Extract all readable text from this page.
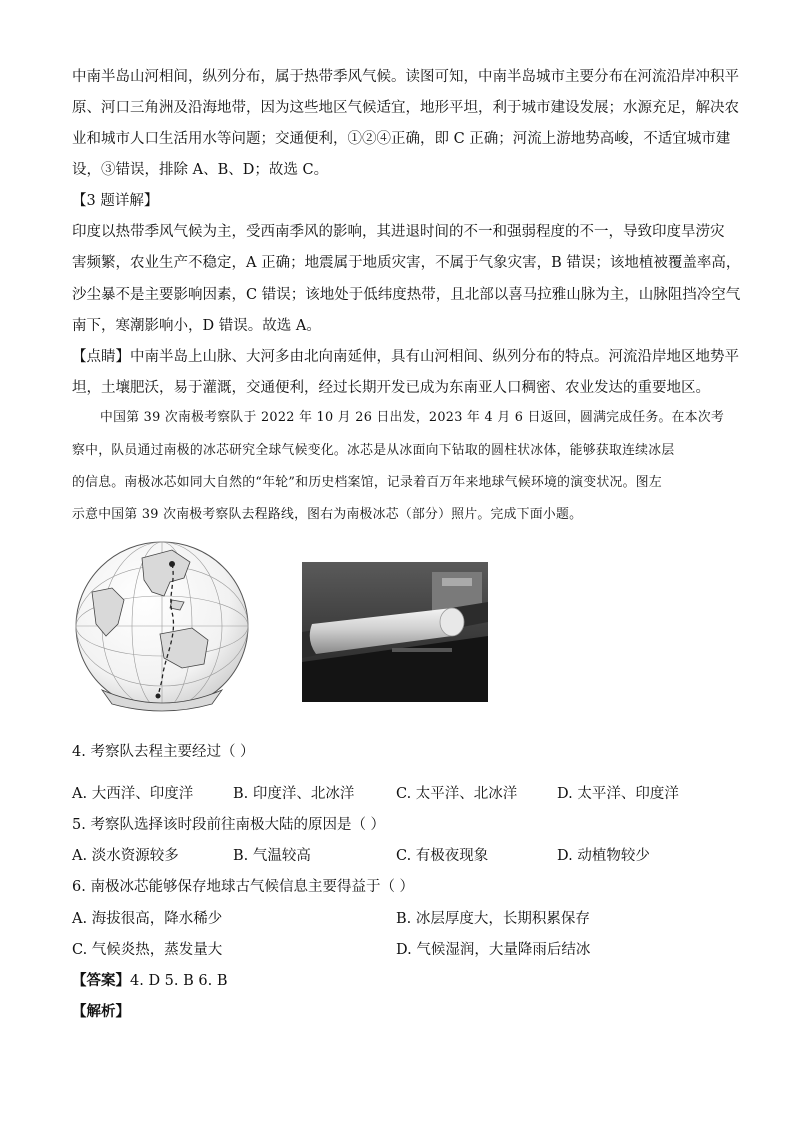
中南半岛山河相间，纵列分布，属于热带季风气候。读图可知，中南半岛城市主要分布在河流沿岸冲积平
原、河口三角洲及沿海地带，因为这些地区气候适宜，地形平坦，利于城市建设发展；水源充足，解决农
业和城市人口生活用水等问题；交通便利，①②④正确，即 C 正确；河流上游地势高峻，不适宜城市建
设，③错误，排除 A、B、D；故选 C。
【3 题详解】
印度以热带季风气候为主，受西南季风的影响，其进退时间的不一和强弱程度的不一，导致印度旱涝灾
害频繁，农业生产不稳定，A 正确；地震属于地质灾害，不属于气象灾害，B 错误；该地植被覆盖率高，
沙尘暴不是主要影响因素，C 错误；该地处于低纬度热带，且北部以喜马拉雅山脉为主，山脉阻挡冷空气
南下，寒潮影响小，D 错误。故选 A。
【点睛】中南半岛上山脉、大河多由北向南延伸，具有山河相间、纵列分布的特点。河流沿岸地区地势平
坦，土壤肥沃，易于灌溉，交通便利，经过长期开发已成为东南亚人口稠密、农业发达的重要地区。
中国第 39 次南极考察队于 2022 年 10 月 26 日出发，2023 年 4 月 6 日返回，圆满完成任务。在本次考
察中，队员通过南极的冰芯研究全球气候变化。冰芯是从冰面向下钻取的圆柱状冰体，能够获取连续冰层
的信息。南极冰芯如同大自然的“年轮”和历史档案馆，记录着百万年来地球气候环境的演变状况。图左
示意中国第 39 次南极考察队去程路线，图右为南极冰芯（部分）照片。完成下面小题。
4. 考察队去程主要经过（ ）
A. 大西洋、印度洋	B. 印度洋、北冰洋	C. 太平洋、北冰洋	D. 太平洋、印度洋
5. 考察队选择该时段前往南极大陆的原因是（ ）
A. 淡水资源较多	B. 气温较高	C. 有极夜现象	D. 动植物较少
6. 南极冰芯能够保存地球古气候信息主要得益于（ ）
A. 海拔很高，降水稀少	B. 冰层厚度大，长期积累保存
C. 气候炎热，蒸发量大	D. 气候湿润，大量降雨后结冰
【答案】4. D 5. B 6. B
【解析】
